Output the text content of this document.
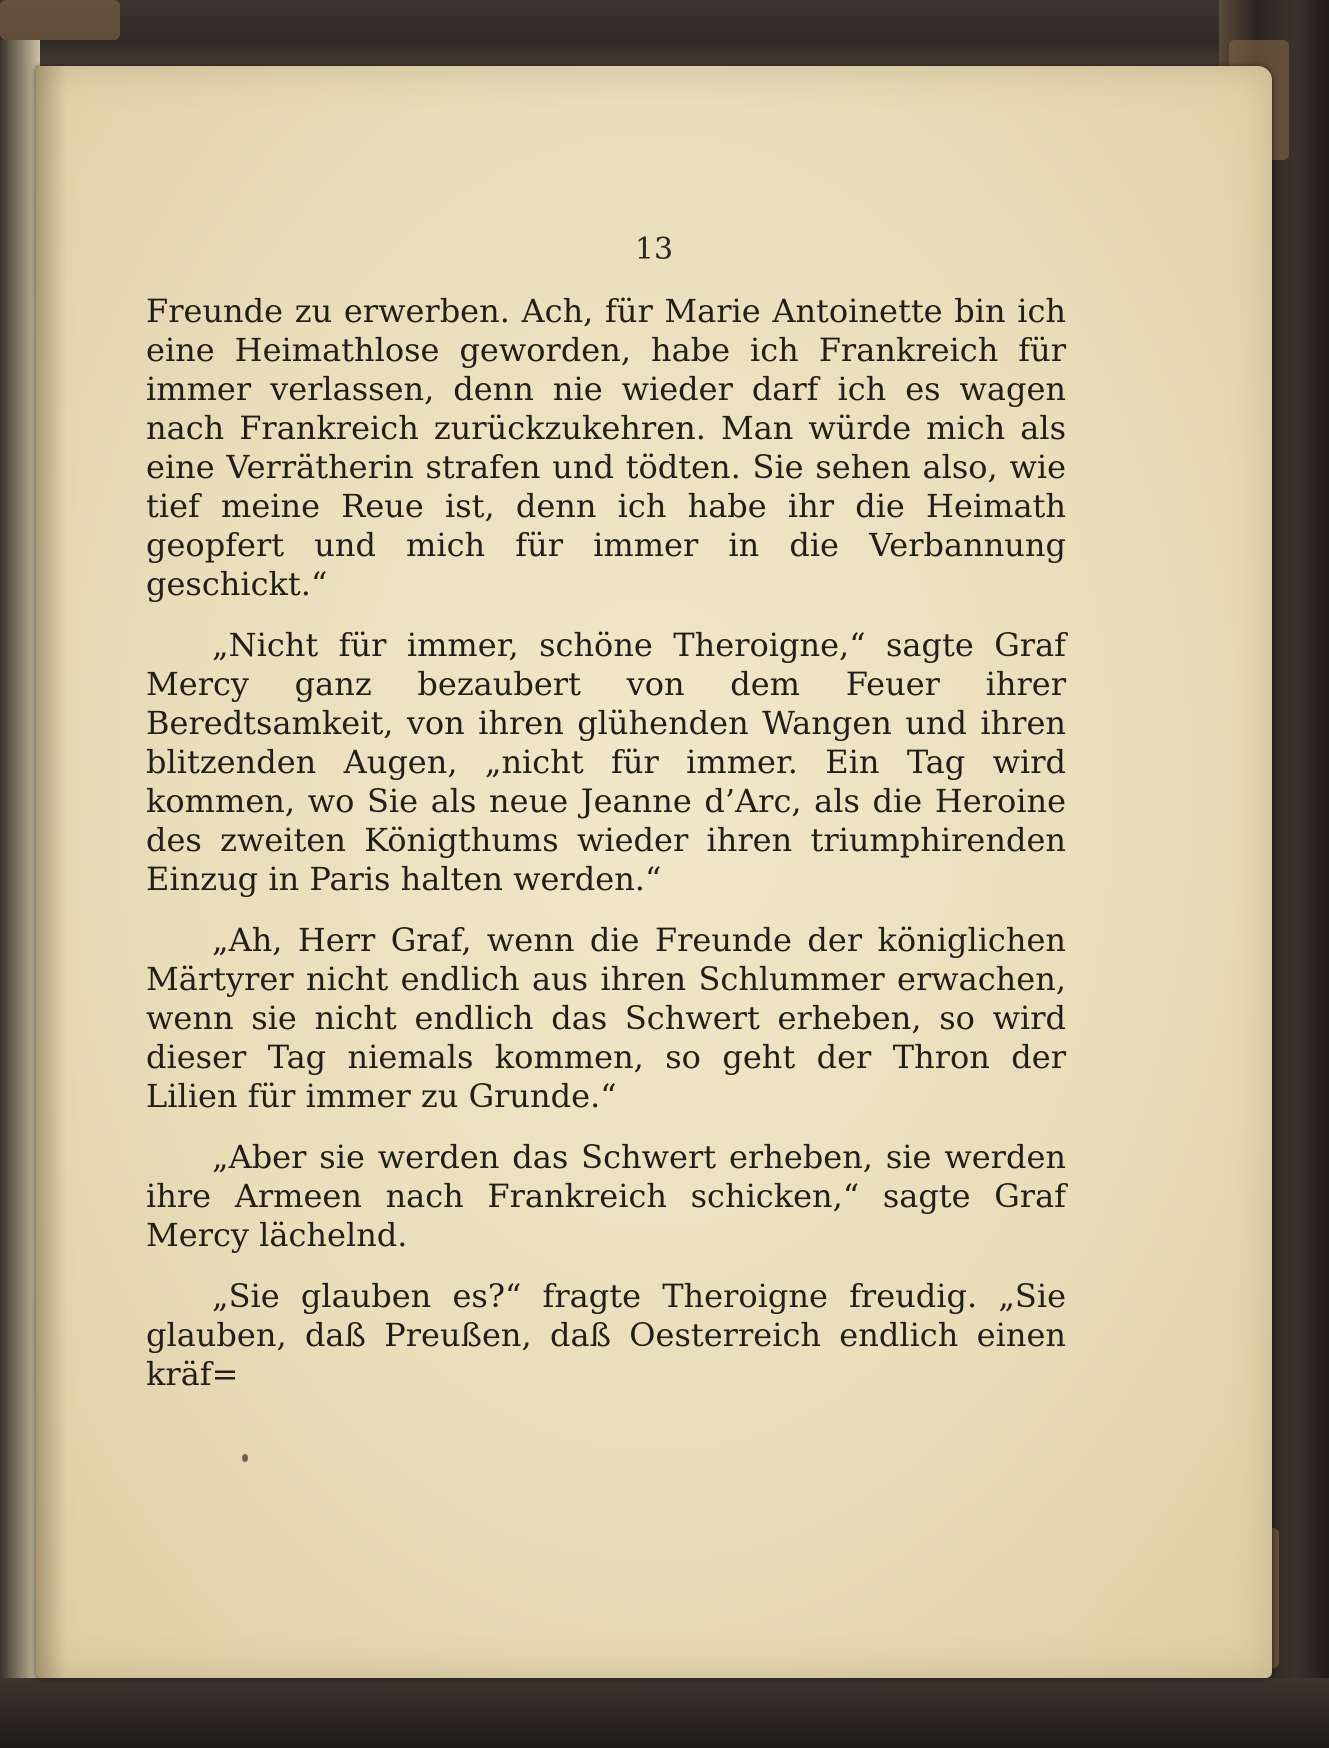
13

Freunde zu erwerben. Ach, für Marie Antoinette bin ich eine Heimathlose geworden, habe ich Frankreich für immer verlassen, denn nie wieder darf ich es wagen nach Frankreich zurückzukehren. Man würde mich als eine Verrätherin strafen und tödten. Sie sehen also, wie tief meine Reue ist, denn ich habe ihr die Heimath geopfert und mich für immer in die Verbannung geschickt.“

„Nicht für immer, schöne Theroigne,“ sagte Graf Mercy ganz bezaubert von dem Feuer ihrer Beredtsamkeit, von ihren glühenden Wangen und ihren blitzenden Augen, „nicht für immer. Ein Tag wird kommen, wo Sie als neue Jeanne d’Arc, als die Heroine des zweiten Königthums wieder ihren triumphirenden Einzug in Paris halten werden.“

„Ah, Herr Graf, wenn die Freunde der königlichen Märtyrer nicht endlich aus ihren Schlummer erwachen, wenn sie nicht endlich das Schwert erheben, so wird dieser Tag niemals kommen, so geht der Thron der Lilien für immer zu Grunde.“

„Aber sie werden das Schwert erheben, sie werden ihre Armeen nach Frankreich schicken,“ sagte Graf Mercy lächelnd.

„Sie glauben es?“ fragte Theroigne freudig. „Sie glauben, daß Preußen, daß Oesterreich endlich einen kräf=
